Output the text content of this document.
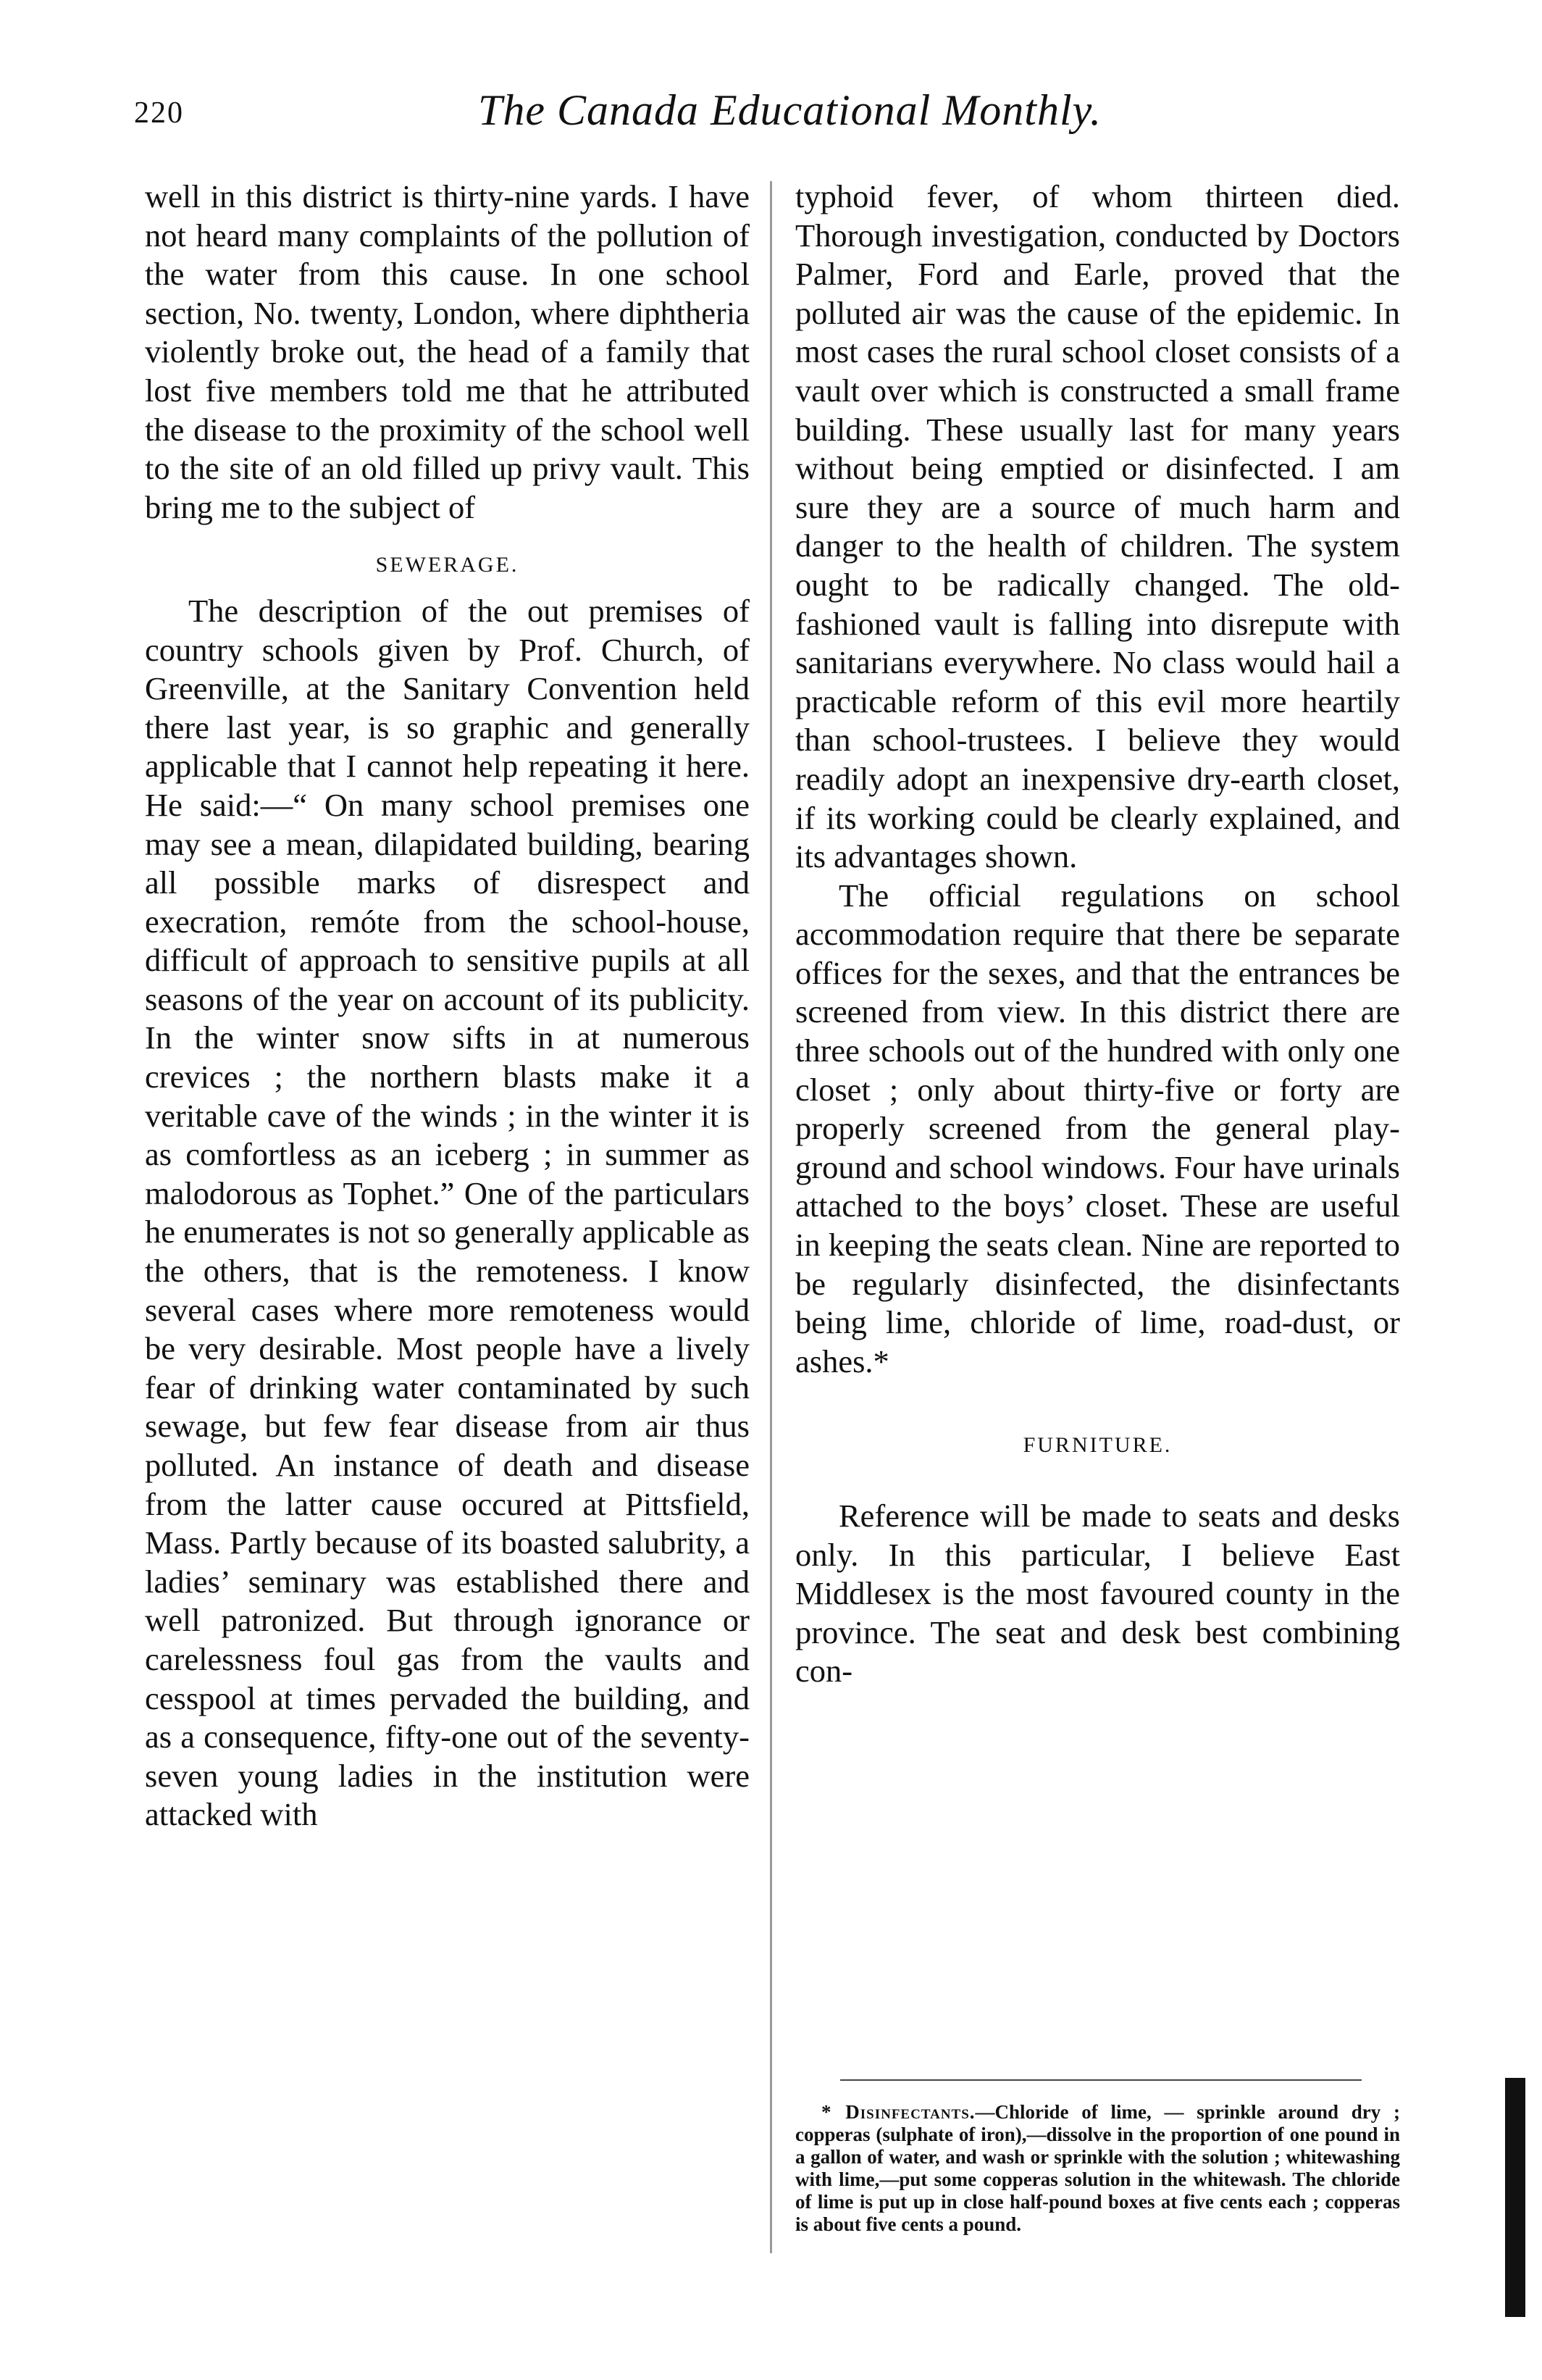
220	The Canada Educational Monthly.

well in this district is thirty-nine yards. I have not heard many complaints of the pollution of the water from this cause. In one school section, No. twenty, London, where diphtheria violently broke out, the head of a family that lost five members told me that he attributed the disease to the proximity of the school well to the site of an old filled up privy vault. This bring me to the subject of

SEWERAGE.

The description of the out premises of country schools given by Prof. Church, of Greenville, at the Sanitary Convention held there last year, is so graphic and generally applicable that I cannot help repeating it here. He said:—“ On many school premises one may see a mean, dilapidated building, bearing all possible marks of disrespect and execration, remóte from the school-house, difficult of approach to sensitive pupils at all seasons of the year on account of its publicity. In the winter snow sifts in at numerous crevices ; the northern blasts make it a veritable cave of the winds ; in the winter it is as comfortless as an iceberg ; in summer as malodorous as Tophet.” One of the particulars he enumerates is not so generally applicable as the others, that is the remoteness. I know several cases where more remoteness would be very desirable. Most people have a lively fear of drinking water contaminated by such sewage, but few fear disease from air thus polluted. An instance of death and disease from the latter cause occured at Pittsfield, Mass. Partly because of its boasted salubrity, a ladies’ seminary was established there and well patronized. But through ignorance or carelessness foul gas from the vaults and cesspool at times pervaded the building, and as a consequence, fifty-one out of the seventy-seven young ladies in the institution were attacked with

typhoid fever, of whom thirteen died. Thorough investigation, conducted by Doctors Palmer, Ford and Earle, proved that the polluted air was the cause of the epidemic. In most cases the rural school closet consists of a vault over which is constructed a small frame building. These usually last for many years without being emptied or disinfected. I am sure they are a source of much harm and danger to the health of children. The system ought to be radically changed. The old-fashioned vault is falling into disrepute with sanitarians everywhere. No class would hail a practicable reform of this evil more heartily than school-trustees. I believe they would readily adopt an inexpensive dry-earth closet, if its working could be clearly explained, and its advantages shown.

The official regulations on school accommodation require that there be separate offices for the sexes, and that the entrances be screened from view. In this district there are three schools out of the hundred with only one closet ; only about thirty-five or forty are properly screened from the general play-ground and school windows. Four have urinals attached to the boys’ closet. These are useful in keeping the seats clean. Nine are reported to be regularly disinfected, the disinfectants being lime, chloride of lime, road-dust, or ashes.*

FURNITURE.

Reference will be made to seats and desks only. In this particular, I believe East Middlesex is the most favoured county in the province. The seat and desk best combining con-

* Disinfectants.—Chloride of lime, — sprinkle around dry ; copperas (sulphate of iron),—dissolve in the proportion of one pound in a gallon of water, and wash or sprinkle with the solution ; whitewashing with lime,—put some copperas solution in the whitewash. The chloride of lime is put up in close half-pound boxes at five cents each ; copperas is about five cents a pound.
